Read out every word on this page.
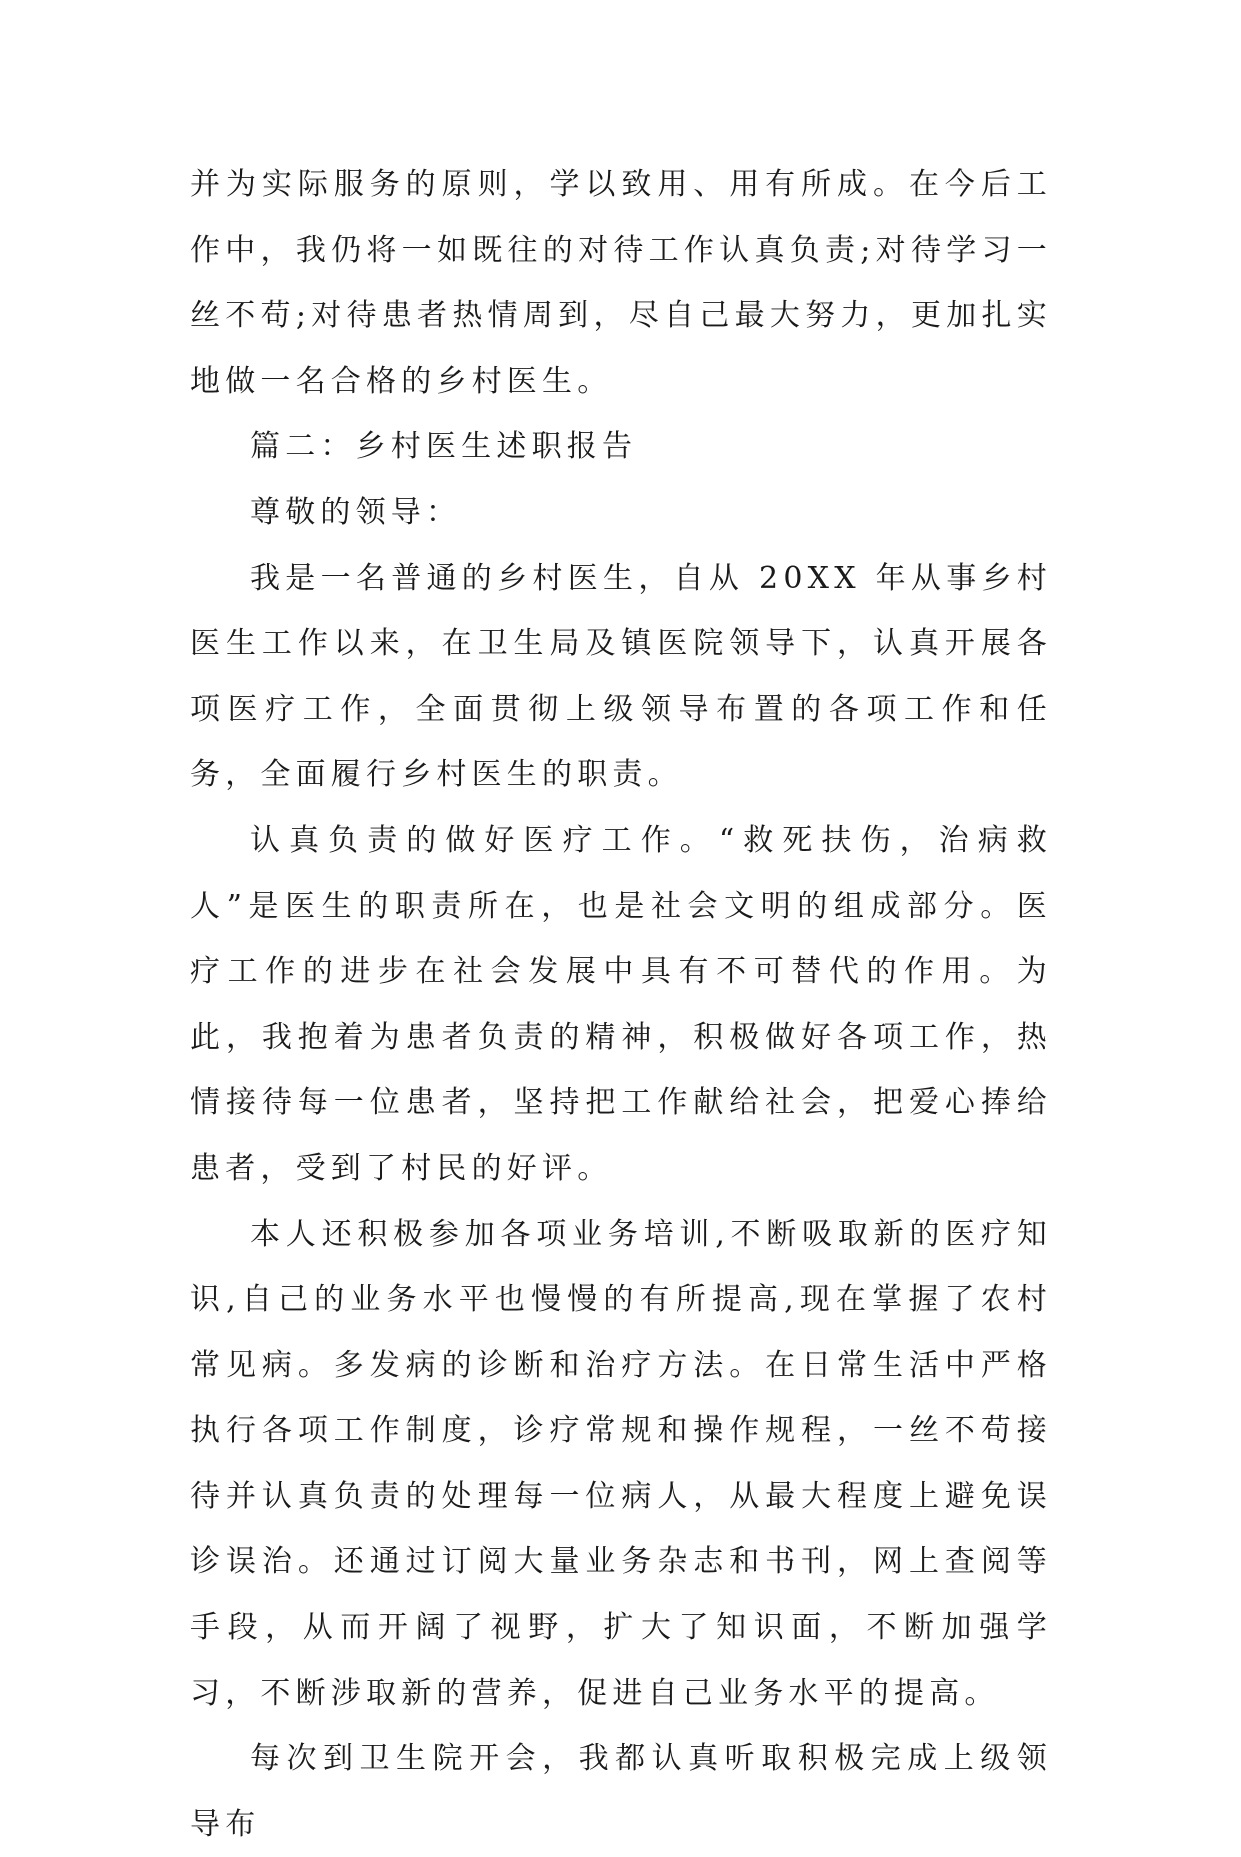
并为实际服务的原则，学以致用、用有所成。在今后工作中，我仍将一如既往的对待工作认真负责;对待学习一丝不苟;对待患者热情周到，尽自己最大努力，更加扎实地做一名合格的乡村医生。

篇二：乡村医生述职报告

尊敬的领导：

我是一名普通的乡村医生，自从 20XX 年从事乡村医生工作以来，在卫生局及镇医院领导下，认真开展各项医疗工作，全面贯彻上级领导布置的各项工作和任务，全面履行乡村医生的职责。

认真负责的做好医疗工作。“救死扶伤，治病救人”是医生的职责所在，也是社会文明的组成部分。医疗工作的进步在社会发展中具有不可替代的作用。为此，我抱着为患者负责的精神，积极做好各项工作，热情接待每一位患者，坚持把工作献给社会，把爱心捧给患者，受到了村民的好评。

本人还积极参加各项业务培训,不断吸取新的医疗知识,自己的业务水平也慢慢的有所提高,现在掌握了农村常见病。多发病的诊断和治疗方法。在日常生活中严格执行各项工作制度，诊疗常规和操作规程，一丝不苟接待并认真负责的处理每一位病人，从最大程度上避免误诊误治。还通过订阅大量业务杂志和书刊，网上查阅等手段，从而开阔了视野，扩大了知识面，不断加强学习，不断涉取新的营养，促进自己业务水平的提高。

每次到卫生院开会，我都认真听取积极完成上级领导布
